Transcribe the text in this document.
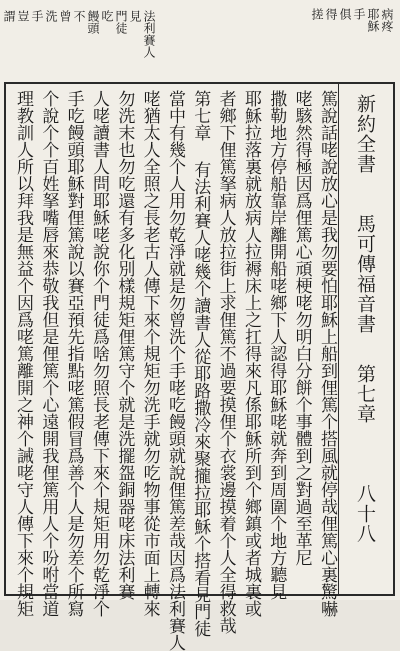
病疼
耶穌
手
俱
得
搓
法利賽人
見
門徒
吃
饅頭
不
曾
洗
手
豈
謂
新約全書
馬可傳福音書
第七章
八十八
篤說話咾說放心是我勿要怕耶穌上船到俚篤个搭風就停哉俚篤心裏驚嚇
咾駭然得極因爲俚篤心頑梗咾勿明白分餅个事體到之對過至革尼
撒勒地方停船靠岸離開船咾鄉下人認得耶穌咾就奔到周圍个地方聽見
耶穌拉落裏就放病人拉褥床上之扛得來凡係耶穌所到个鄉鎮或者城裏或
者鄉下俚篤拏病人放拉街上求俚篤不過要摸俚个衣裳邊摸着个人全得救哉
第七章 有法利賽人咾幾个讀書人從耶路撒冷來聚攏拉耶穌个搭看見門徒
當中有幾个人用勿乾淨就是勿曾洗个手咾吃饅頭就說俚篤差哉因爲法利賽人
咾猶太人全照之長老古人傳下來个規矩勿洗手就勿吃物事從市面上轉來
勿洗末也勿吃還有多化別樣規矩俚篤守个就是洗擺盌銅器咾床法利賽
人咾讀書人問耶穌咾說你个門徒爲啥勿照長老傳下來个規矩用勿乾淨个
手吃饅頭耶穌對俚篤說以賽亞預先指點咾篤假冒爲善个人是勿差个所寫
个說个个百姓拏嘴唇來恭敬我但是俚篤个心遠開我俚篤用人个吩咐當道
理教訓人所以拜我是無益个因爲咾篤離開之神个誡咾守人傳下來个規矩
